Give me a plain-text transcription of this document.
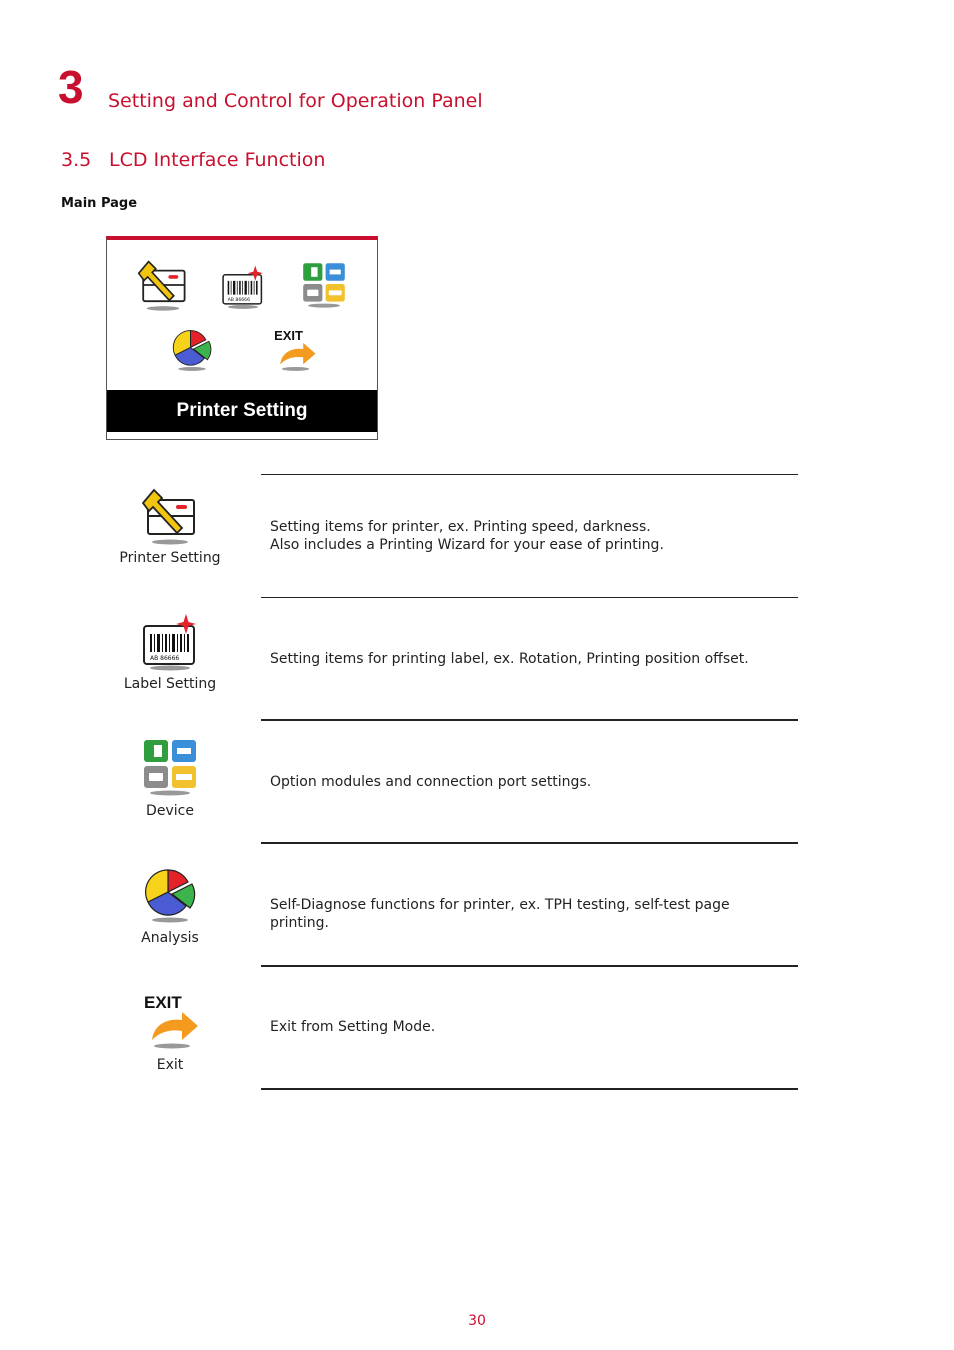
3 Setting and Control for Operation Panel
3.5 LCD Interface Function
Main Page
AB 86666
EXIT
Printer Setting
Printer Setting
Setting items for printer, ex. Printing speed, darkness.
Also includes a Printing Wizard for your ease of printing.
AB 86666
Label Setting
Setting items for printing label, ex. Rotation, Printing position offset.
Device
Option modules and connection port settings.
Analysis
Self-Diagnose functions for printer, ex. TPH testing, self-test page printing.
EXIT
Exit
Exit from Setting Mode.
30
